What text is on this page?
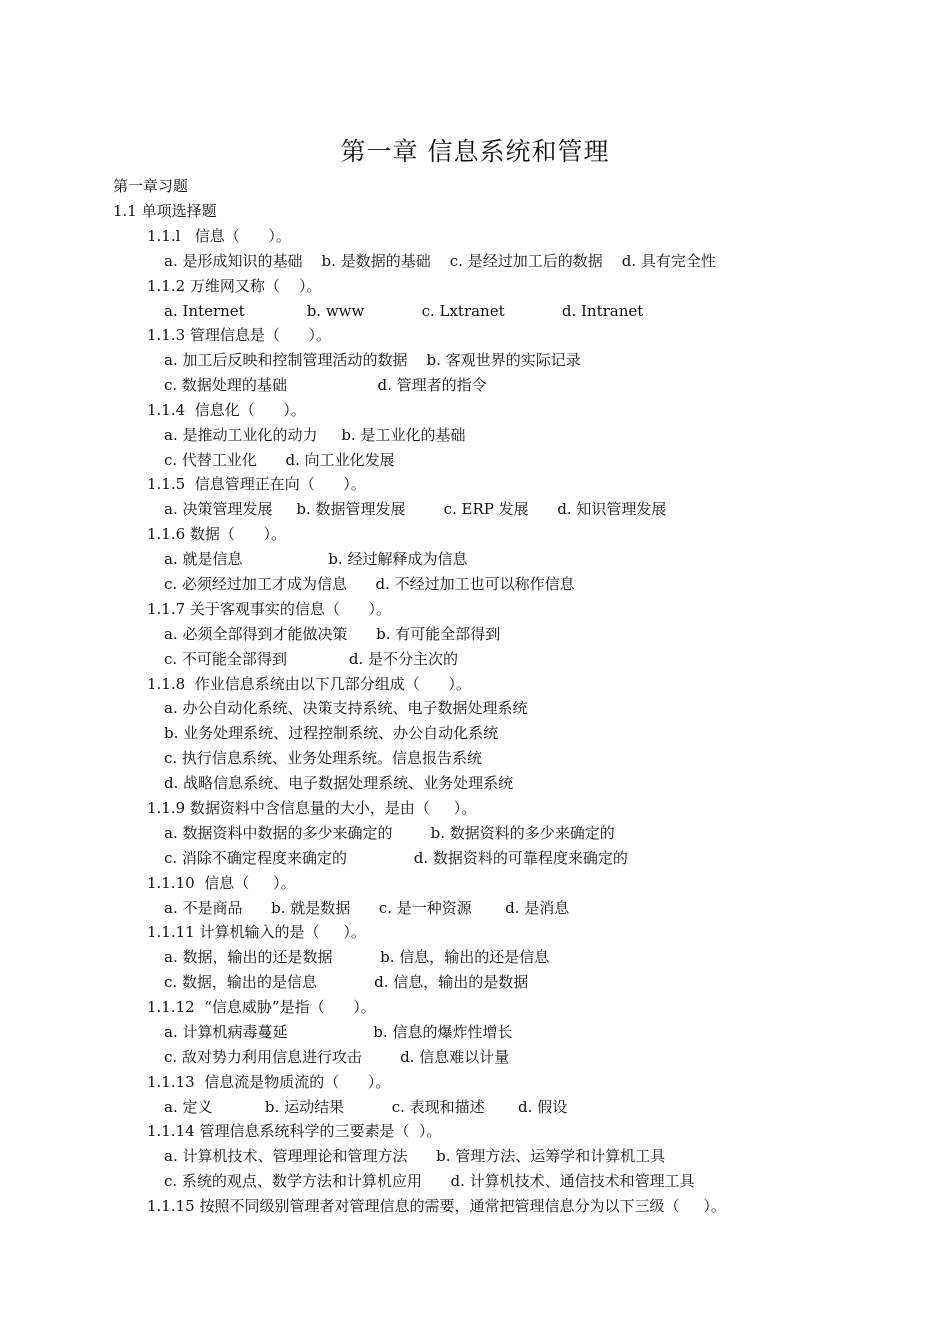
第一章 信息系统和管理
第一章习题
1.1 单项选择题
1.1.l   信息（      ）。
a. 是形成知识的基础    b. 是数据的基础    c. 是经过加工后的数据    d. 具有完全性
1.1.2 万维网又称（    ）。
a. Internet             b. www            c. Lxtranet            d. Intranet
1.1.3 管理信息是（      ）。
a. 加工后反映和控制管理活动的数据    b. 客观世界的实际记录
c. 数据处理的基础                   d. 管理者的指令
1.1.4  信息化（      ）。
a. 是推动工业化的动力     b. 是工业化的基础
c. 代替工业化      d. 向工业化发展
1.1.5  信息管理正在向（      ）。
a. 决策管理发展     b. 数据管理发展        c. ERP 发展      d. 知识管理发展
1.1.6 数据（      ）。
a. 就是信息                  b. 经过解释成为信息
c. 必须经过加工才成为信息      d. 不经过加工也可以称作信息
1.1.7 关于客观事实的信息（      ）。
a. 必须全部得到才能做决策      b. 有可能全部得到
c. 不可能全部得到             d. 是不分主次的
1.1.8  作业信息系统由以下几部分组成（      ）。
a. 办公自动化系统、决策支持系统、电子数据处理系统
b. 业务处理系统、过程控制系统、办公自动化系统
c. 执行信息系统、业务处理系统。信息报告系统
d. 战略信息系统、电子数据处理系统、业务处理系统
1.1.9 数据资料中含信息量的大小，是由（     ）。
a. 数据资料中数据的多少来确定的        b. 数据资料的多少来确定的
c. 消除不确定程度来确定的              d. 数据资料的可靠程度来确定的
1.1.10  信息（     ）。
a. 不是商品      b. 就是数据      c. 是一种资源       d. 是消息
1.1.11 计算机输入的是（     ）。
a. 数据，输出的还是数据          b. 信息，输出的还是信息
c. 数据，输出的是信息            d. 信息，输出的是数据
1.1.12  “信息威胁”是指（      ）。
a. 计算机病毒蔓延                  b. 信息的爆炸性增长
c. 敌对势力利用信息进行攻击        d. 信息难以计量
1.1.13  信息流是物质流的（      ）。
a. 定义           b. 运动结果          c. 表现和描述       d. 假设
1.1.14 管理信息系统科学的三要素是（  ）。
a. 计算机技术、管理理论和管理方法      b. 管理方法、运筹学和计算机工具
c. 系统的观点、数学方法和计算机应用      d. 计算机技术、通信技术和管理工具
1.1.15 按照不同级别管理者对管理信息的需要，通常把管理信息分为以下三级（     ）。
